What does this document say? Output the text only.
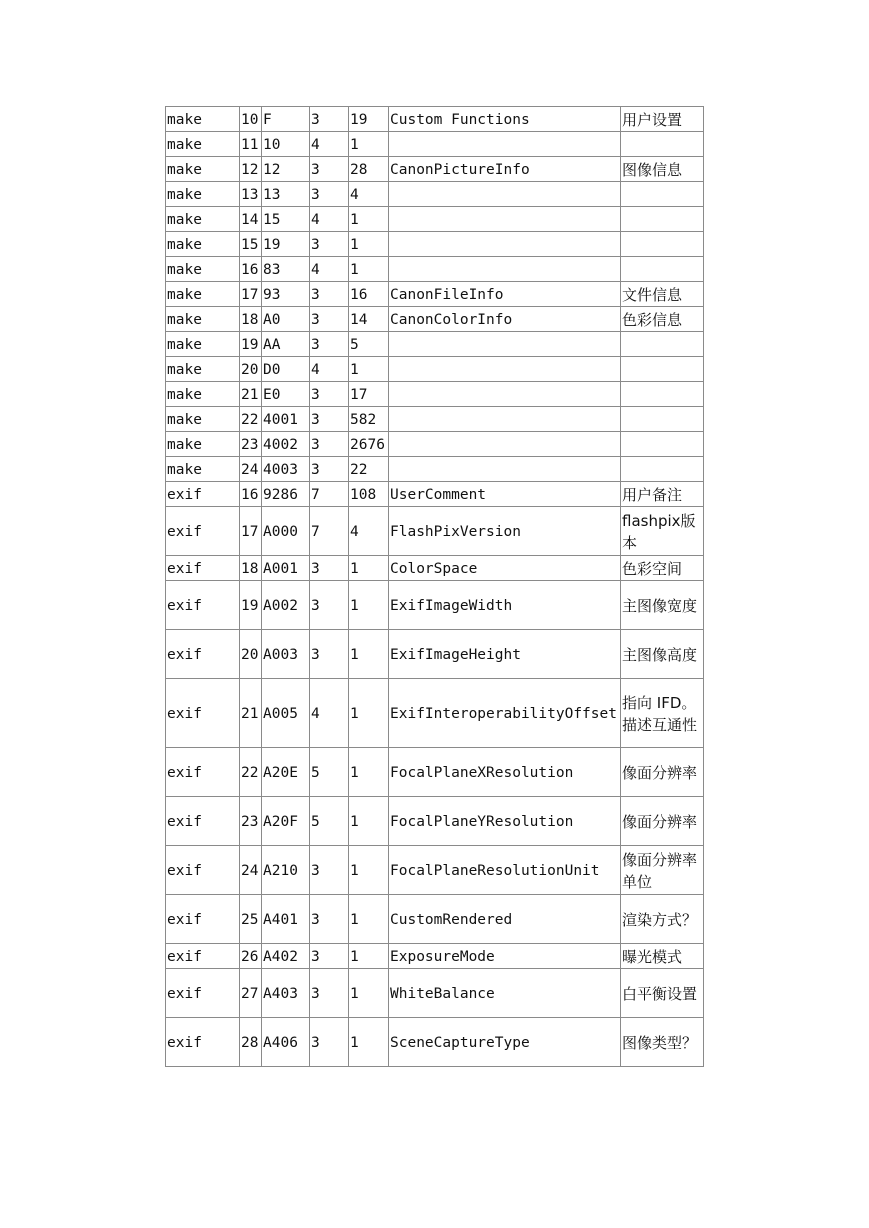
make	10	F	3	19	Custom Functions	用户设置
make	11	10	4	1		
make	12	12	3	28	CanonPictureInfo	图像信息
make	13	13	3	4		
make	14	15	4	1		
make	15	19	3	1		
make	16	83	4	1		
make	17	93	3	16	CanonFileInfo	文件信息
make	18	A0	3	14	CanonColorInfo	色彩信息
make	19	AA	3	5		
make	20	D0	4	1		
make	21	E0	3	17		
make	22	4001	3	582		
make	23	4002	3	2676		
make	24	4003	3	22		
exif	16	9286	7	108	UserComment	用户备注
exif	17	A000	7	4	FlashPixVersion	flashpix版本
exif	18	A001	3	1	ColorSpace	色彩空间
exif	19	A002	3	1	ExifImageWidth	主图像宽度
exif	20	A003	3	1	ExifImageHeight	主图像高度
exif	21	A005	4	1	ExifInteroperabilityOffset	指向 IFD。描述互通性
exif	22	A20E	5	1	FocalPlaneXResolution	像面分辨率
exif	23	A20F	5	1	FocalPlaneYResolution	像面分辨率
exif	24	A210	3	1	FocalPlaneResolutionUnit	像面分辨率单位
exif	25	A401	3	1	CustomRendered	渲染方式？
exif	26	A402	3	1	ExposureMode	曝光模式
exif	27	A403	3	1	WhiteBalance	白平衡设置
exif	28	A406	3	1	SceneCaptureType	图像类型？
